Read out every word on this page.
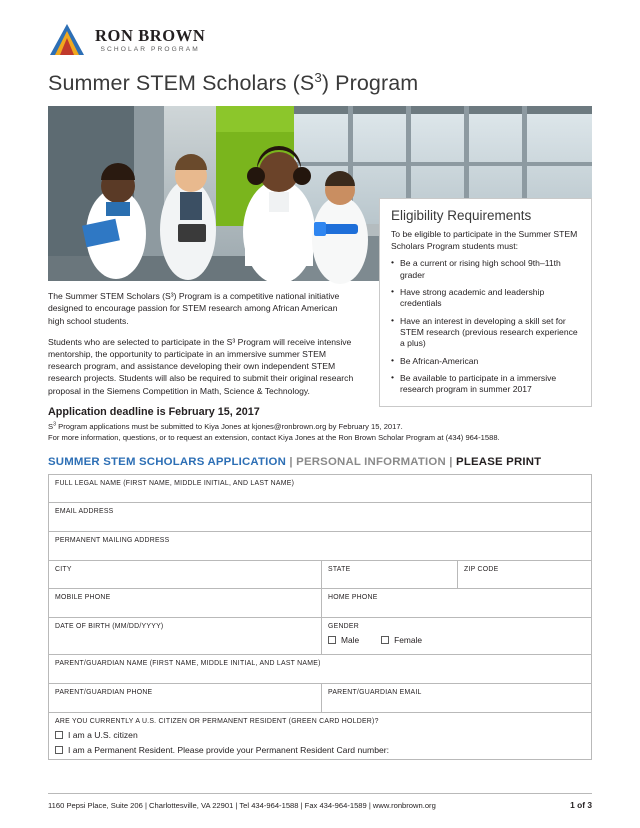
RON BROWN
SCHOLAR PROGRAM
Summer STEM Scholars $(S^3)$ Program
Eligibility Requirements
To be eligible to participate in the Summer STEM Scholars Program students must:
• Be a current or rising high school 9th–11th grader
• Have strong academic and leadership credentials
• Have an interest in developing a skill set for STEM research (previous research experience a plus)
• Be African-American
• Be available to participate in a immersive research program in summer 2017

The Summer STEM Scholars (S³) Program is a competitive national initiative designed to encourage passion for STEM research among African American high school students.

Students who are selected to participate in the S³ Program will receive intensive mentorship, the opportunity to participate in an immersive summer STEM research program, and assistance developing their own independent STEM research projects. Students will also be required to submit their original research proposal in the Siemens Competition in Math, Science & Technology.

Application deadline is February 15, 2017

$S^3$ Program applications must be submitted to Kiya Jones at kjones@ronbrown.org by February 15, 2017.
For more information, questions, or to request an extension, contact Kiya Jones at the Ron Brown Scholar Program at (434) 964-1588.

SUMMER STEM SCHOLARS APPLICATION | PERSONAL INFORMATION | PLEASE PRINT
FULL LEGAL NAME (FIRST NAME, MIDDLE INITIAL, AND LAST NAME)
EMAIL ADDRESS
PERMANENT MAILING ADDRESS
CITY	STATE	ZIP CODE
MOBILE PHONE	HOME PHONE
DATE OF BIRTH (MM/DD/YYYY)	GENDER
Male	Female
PARENT/GUARDIAN NAME (FIRST NAME, MIDDLE INITIAL, AND LAST NAME)
PARENT/GUARDIAN PHONE	PARENT/GUARDIAN EMAIL
ARE YOU CURRENTLY A U.S. CITIZEN OR PERMANENT RESIDENT (GREEN CARD HOLDER)?
I am a U.S. citizen
I am a Permanent Resident. Please provide your Permanent Resident Card number:
1160 Pepsi Place, Suite 206 | Charlottesville, VA 22901 | Tel 434-964-1588 | Fax 434-964-1589 | www.ronbrown.org	1 of 3
